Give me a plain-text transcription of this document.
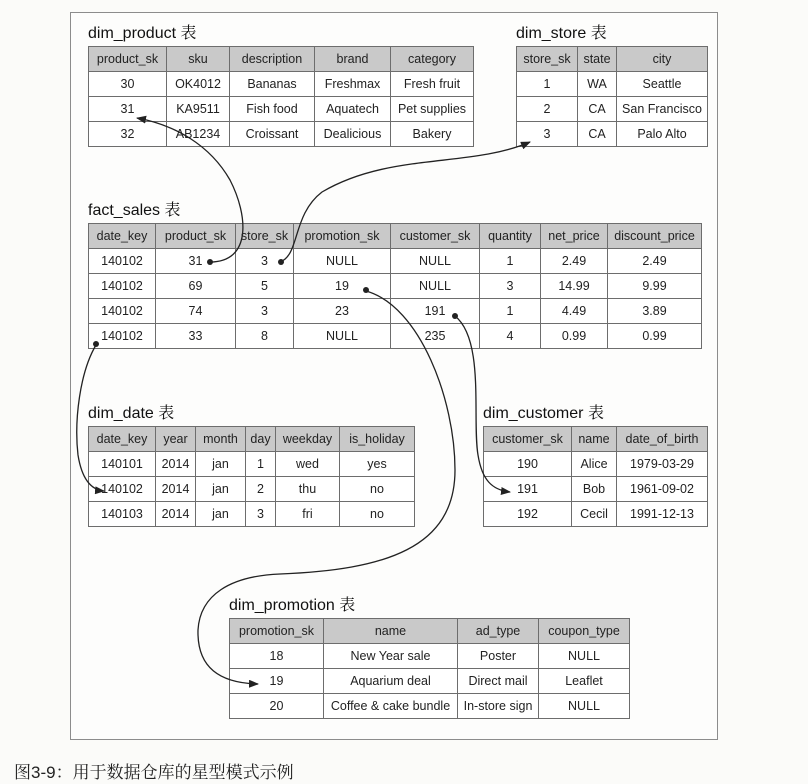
dim_product 表
product_sk	sku	description	brand	category
30	OK4012	Bananas	Freshmax	Fresh fruit
31	KA9511	Fish food	Aquatech	Pet supplies
32	AB1234	Croissant	Dealicious	Bakery
dim_store 表
store_sk	state	city
1	WA	Seattle
2	CA	San Francisco
3	CA	Palo Alto
fact_sales 表
date_key	product_sk	store_sk	promotion_sk	customer_sk	quantity	net_price	discount_price
140102	31	3	NULL	NULL	1	2.49	2.49
140102	69	5	19	NULL	3	14.99	9.99
140102	74	3	23	191	1	4.49	3.89
140102	33	8	NULL	235	4	0.99	0.99
dim_date 表
date_key	year	month	day	weekday	is_holiday
140101	2014	jan	1	wed	yes
140102	2014	jan	2	thu	no
140103	2014	jan	3	fri	no
dim_customer 表
customer_sk	name	date_of_birth
190	Alice	1979-03-29
191	Bob	1961-09-02
192	Cecil	1991-12-13
dim_promotion 表
promotion_sk	name	ad_type	coupon_type
18	New Year sale	Poster	NULL
19	Aquarium deal	Direct mail	Leaflet
20	Coffee & cake bundle	In-store sign	NULL
图3-9：用于数据仓库的星型模式示例
